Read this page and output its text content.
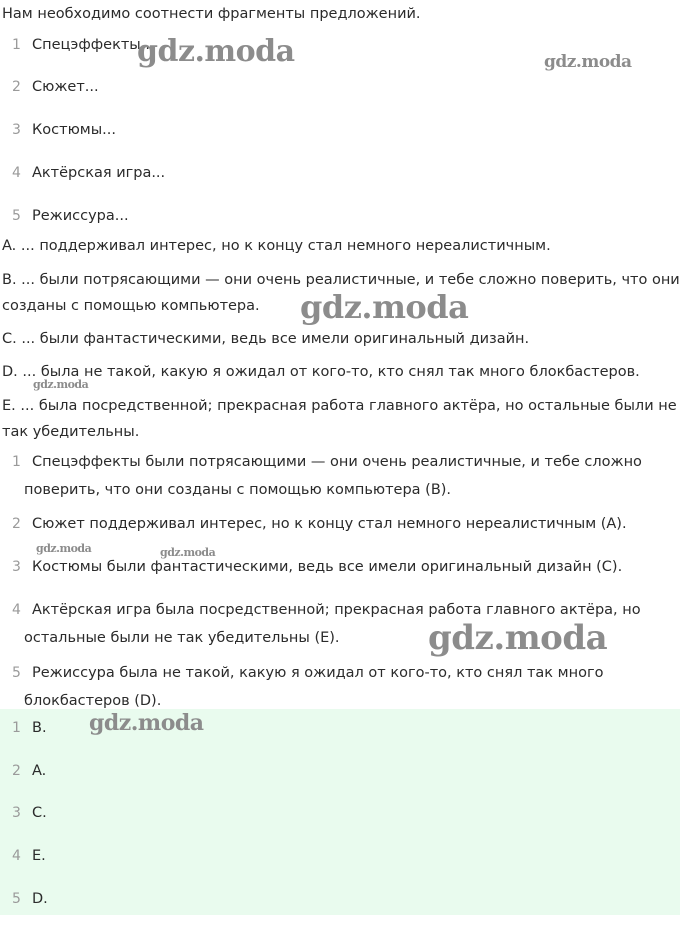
Нам необходимо соотнести фрагменты предложений.
1 Спецэффекты...
2 Сюжет...
3 Костюмы...
4 Актёрская игра...
5 Режиссура...
A. ... поддерживал интерес, но к концу стал немного нереалистичным.
B. ... были потрясающими — они очень реалистичные, и тебе сложно поверить, что они
созданы с помощью компьютера.
C. ... были фантастическими, ведь все имели оригинальный дизайн.
D. ... была не такой, какую я ожидал от кого-то, кто снял так много блокбастеров.
E. ... была посредственной; прекрасная работа главного актёра, но остальные были не
так убедительны.
1 Спецэффекты были потрясающими — они очень реалистичные, и тебе сложно
поверить, что они созданы с помощью компьютера (B).
2 Сюжет поддерживал интерес, но к концу стал немного нереалистичным (A).
3 Костюмы были фантастическими, ведь все имели оригинальный дизайн (C).
4 Актёрская игра была посредственной; прекрасная работа главного актёра, но
остальные были не так убедительны (E).
5 Режиссура была не такой, какую я ожидал от кого-то, кто снял так много
блокбастеров (D).
1 B.
2 A.
3 C.
4 E.
5 D.
gdz.moda	gdz.moda
gdz.moda
gdz.moda
gdz.moda	gdz.moda
gdz.moda
gdz.moda
